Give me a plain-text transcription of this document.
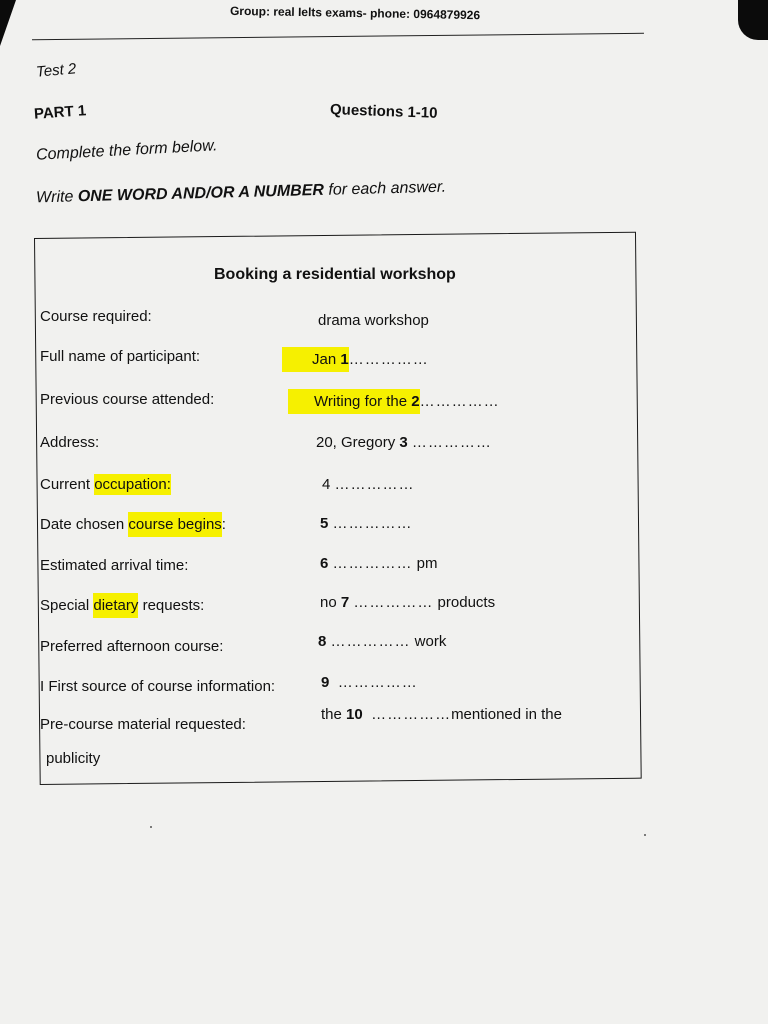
Group: real Ielts exams- phone: 0964879926
Test 2
PART 1	Questions 1-10
Complete the form below.
Write ONE WORD AND/OR A NUMBER for each answer.
Booking a residential workshop
Course required:	drama workshop
Full name of participant:	Jan 1……………
Previous course attended:	Writing for the 2……………
Address:	20, Gregory 3 ……………
Current occupation:	4 ……………
Date chosen course begins:	5 ……………
Estimated arrival time:	6 …………… pm
Special dietary requests:	no 7 …………… products
Preferred afternoon course:	8 …………… work
I First source of course information:	9 ……………
Pre-course material requested:
the 10 ……………mentioned in the
publicity
